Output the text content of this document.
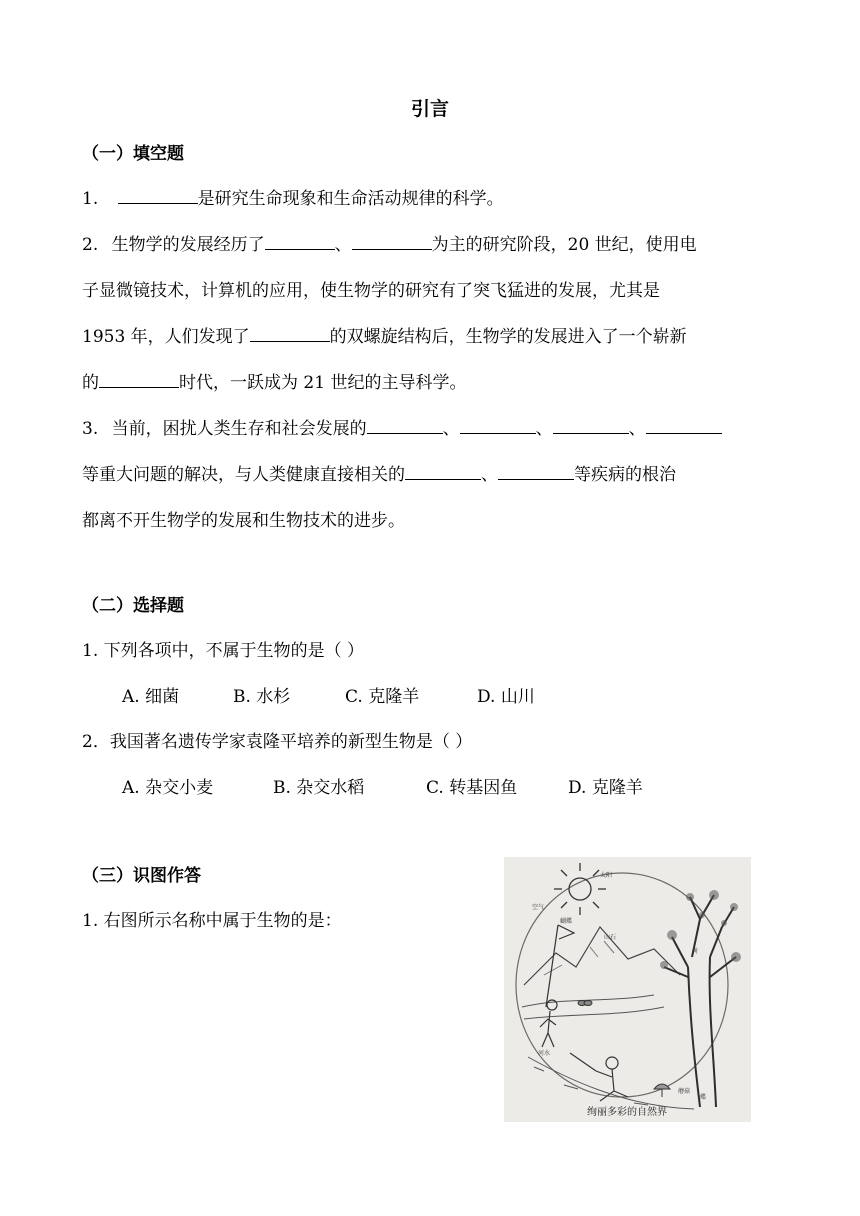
引言
（一）填空题
1.	是研究生命现象和生命活动规律的科学。
2. 生物学的发展经历了	、	为主的研究阶段，20 世纪，使用电
子显微镜技术，计算机的应用，使生物学的研究有了突飞猛进的发展，尤其是
1953 年，人们发现了	的双螺旋结构后，生物学的发展进入了一个崭新
的	时代，一跃成为 21 世纪的主导科学。
3. 当前，困扰人类生存和社会发展的	、	、	、
等重大问题的解决，与人类健康直接相关的	、	等疾病的根治
都离不开生物学的发展和生物技术的进步。
（二）选择题
1. 下列各项中，不属于生物的是（ ）
A. 细菌	B. 水杉	C. 克隆羊	D. 山川
2．我国著名遗传学家袁隆平培养的新型生物是（ ）
A. 杂交小麦	B. 杂交水稻	C. 转基因鱼	D. 克隆羊
（三）识图作答
1. 右图所示名称中属于生物的是：
太阳
空气
蝴蝶
山石
树
蘑菇
河水
蝶
绚丽多彩的自然界
